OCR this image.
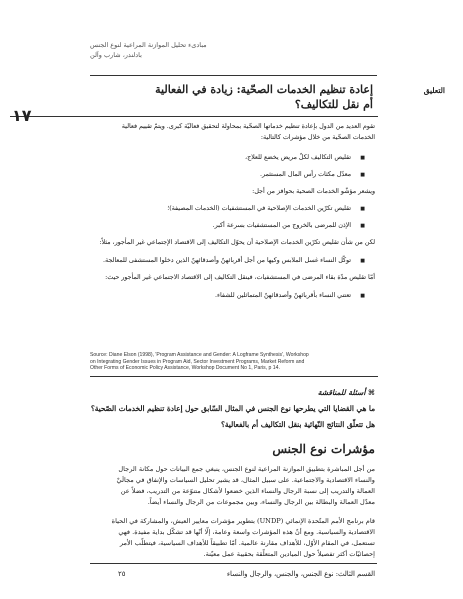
مبادىء تحليل الموازنة المراعية لنوع الجنس
بادلندر، شارب وآلن
التعليق
إعادة تنظيم الخدمات الصحّية: زيادة في الفعالية
أم نقل للتكاليف؟
١٧
تقوم العديد من الدول بإعادة تنظيم خدماتها الصحّية بمحاولة لتحقيق فعاليّة كبرى. ويتمّ تقييم فعالية
الخدمات الصحّية من خلال مؤشرات كالتالية:
■ تقليص التكاليف لكلّ مريض يخضع للعلاج،
■ معدّل مكثات رأس المال المستثمر.
ويشعر مؤشّو الخدمات الصحية بحوافز من أجل:
■ تقليص تكرّين الخدمات الإصلاحية في المستشفيات (الخدمات المصيفة)؛
■ الإذن للمرضى بالخروج من المستشفيات بسرعة أكبر.
لكن من شأن تقليص تكرّين الخدمات الإصلاحية أن يحوّل التكاليف إلى الاقتصاد الإجتماعي غير المأجور، مثلاً:
■ توكّل النساء غسل الملابس وكيها من أجل أقربائهنّ وأصدقائهنّ الذين دخلوا المستشفى للمعالجة.
أمّا تقليص مدّة بقاء المرضى في المستشفيات، فينقل التكاليف إلى الاقتصاد الاجتماعي غير المأجور حيث:
■ تعتني النساء بأقربائهنّ وأصدقائهنّ المتماثلين للشفاء.
Source: Diane Elson (1998), 'Program Assistance and Gender: A Logframe Synthesis', Workshop
on Integrating Gender Issues in Program Aid, Sector Investment Programs, Market Reform and
Other Forms of Economic Policy Assistance, Workshop Document No 1, Paris, p 14.
⌘ أسئلة للمناقشة
ما هي القضايا التي يطرحها نوع الجنس في المثال السّابق حول إعادة تنظيم الخدمات الصّحية؟
هل تتعلّق النتائج النّهائية بنقل التكاليف أم بالفعالية؟
مؤشرات نوع الجنس
من أجل المباشرة بتطبيق الموازنة المراعية لنوع الجنس، ينبغي جمع البيانات حول مكانة الرجال
والنساء الاقتصادية والاجتماعية. على سبيل المثال، قد يشير تحليل السياسات والإنفاق في مجالَيْ
العمالة والتدريب إلى نسبة الرجال والنساء الذين خضعوا لأشكال متنوّعة من التدريب، فضلاً عن
معدّل العمالة والبطالة بين الرجال والنساء، وبين مجموعات من الرجال والنساء أيضاً.
قام برنامج الأمم المتّحدة الإنمائي (UNDP) بتطوير مؤشرات معايير العيش، والمشاركة في الحياة
الاقتصادية والسياسية. ومع أنّ هذه المؤشرات واسعة وعامة، إلّا أنّها قد تشكّل بداية مفيدة. فهي
تستعمل، في المقام الأوّل، للأهداف مقارنة عالمية. أمّا تطبيقاً للأهداف السياسية، فيتطلّب الأمر
إحصائيّات أكثر تفصيلاً حول الميادين المتعلّقة بحقيبة عمل معيّنة.
القسم الثالث: نوع الجنس، والجنس، والرجال والنساء
٢٥
